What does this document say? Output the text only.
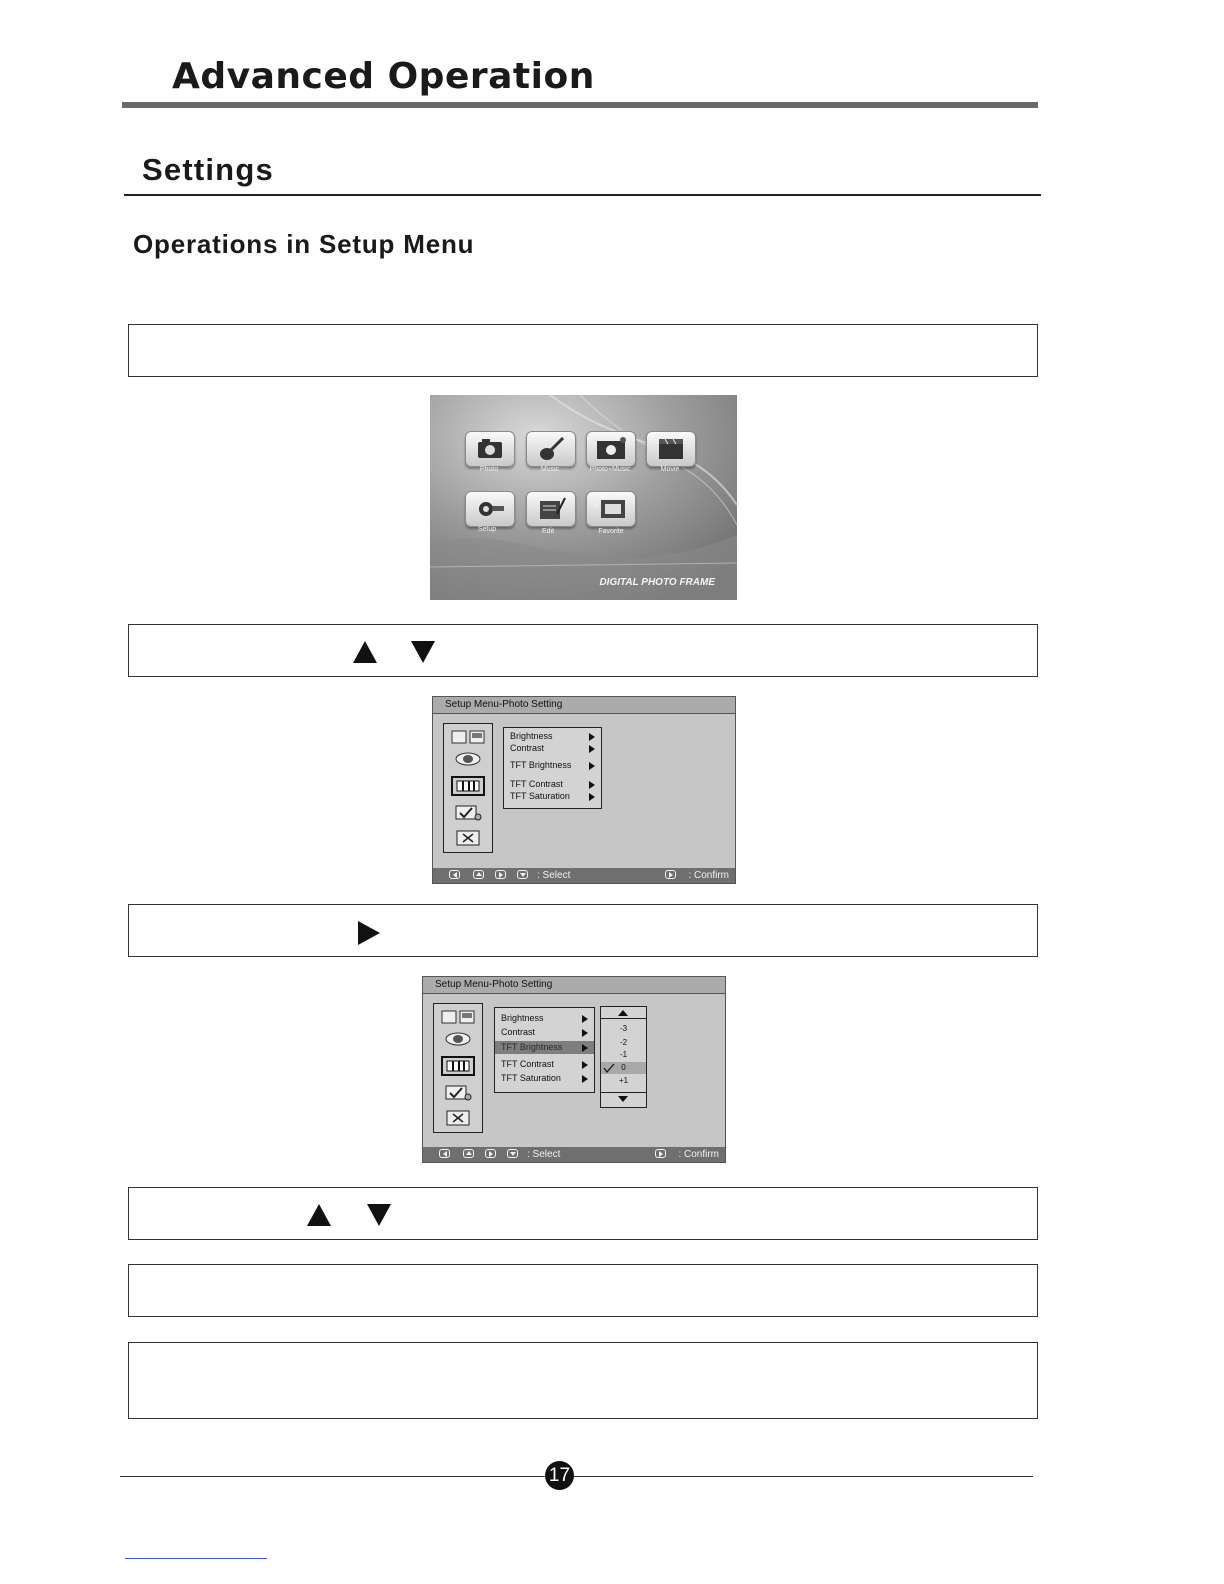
Advanced Operation
Settings
Operations in Setup Menu
Photo	Music	Photo+Music	Movie
Setup	Edit	Favorite
DIGITAL PHOTO FRAME
Setup Menu-Photo Setting
Brightness
Contrast
TFT Brightness
TFT Contrast
TFT Saturation
: Select	: Confirm
Setup Menu-Photo Setting
Brightness
Contrast
TFT Brightness
TFT Contrast
TFT Saturation
-3
-2
-1
0
+1
: Select	: Confirm
17
